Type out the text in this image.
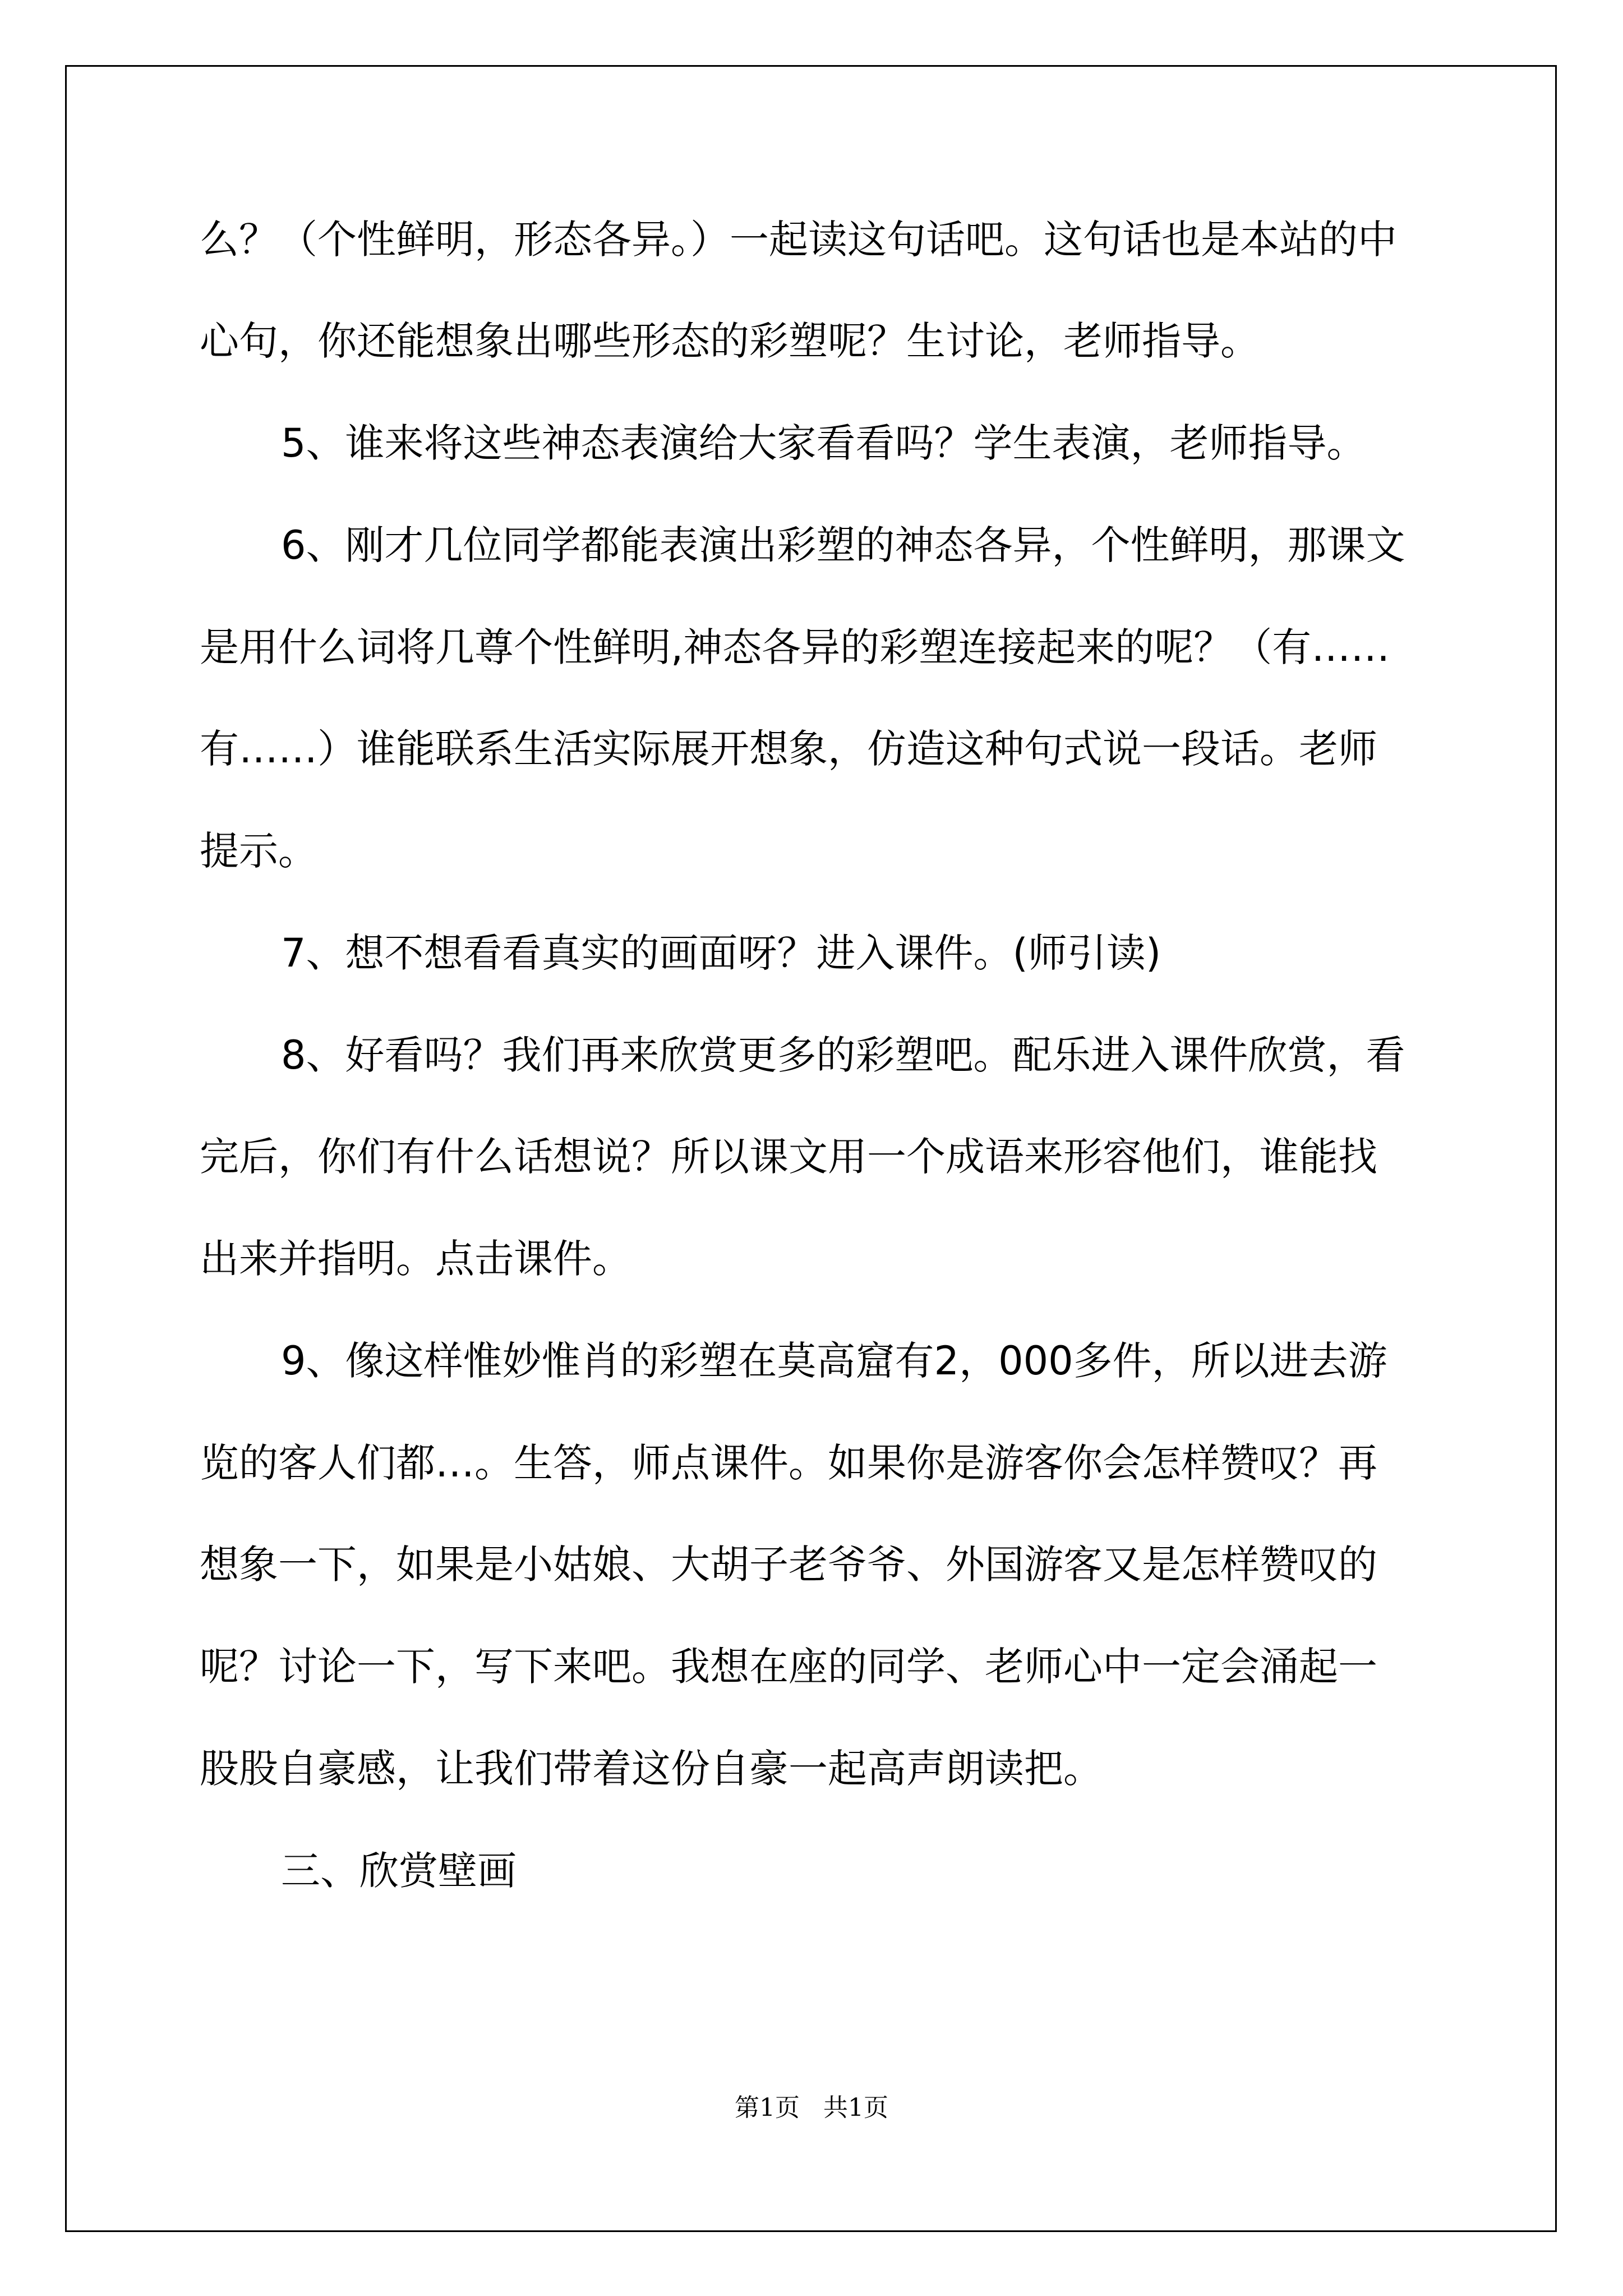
么？（个性鲜明，形态各异。）一起读这句话吧。这句话也是本站的中
心句，你还能想象出哪些形态的彩塑呢？生讨论，老师指导。
5、谁来将这些神态表演给大家看看吗？学生表演，老师指导。
6、刚才几位同学都能表演出彩塑的神态各异，个性鲜明，那课文
是用什么词将几尊个性鲜明,神态各异的彩塑连接起来的呢？（有……
有……）谁能联系生活实际展开想象，仿造这种句式说一段话。老师
提示。
7、想不想看看真实的画面呀？进入课件。(师引读)
8、好看吗？我们再来欣赏更多的彩塑吧。配乐进入课件欣赏，看
完后，你们有什么话想说？所以课文用一个成语来形容他们，谁能找
出来并指明。点击课件。
9、像这样惟妙惟肖的彩塑在莫高窟有2，000多件，所以进去游
览的客人们都…。生答，师点课件。如果你是游客你会怎样赞叹？再
想象一下，如果是小姑娘、大胡子老爷爷、外国游客又是怎样赞叹的
呢？讨论一下，写下来吧。我想在座的同学、老师心中一定会涌起一
股股自豪感，让我们带着这份自豪一起高声朗读把。
三、欣赏壁画
第1页   共1页
